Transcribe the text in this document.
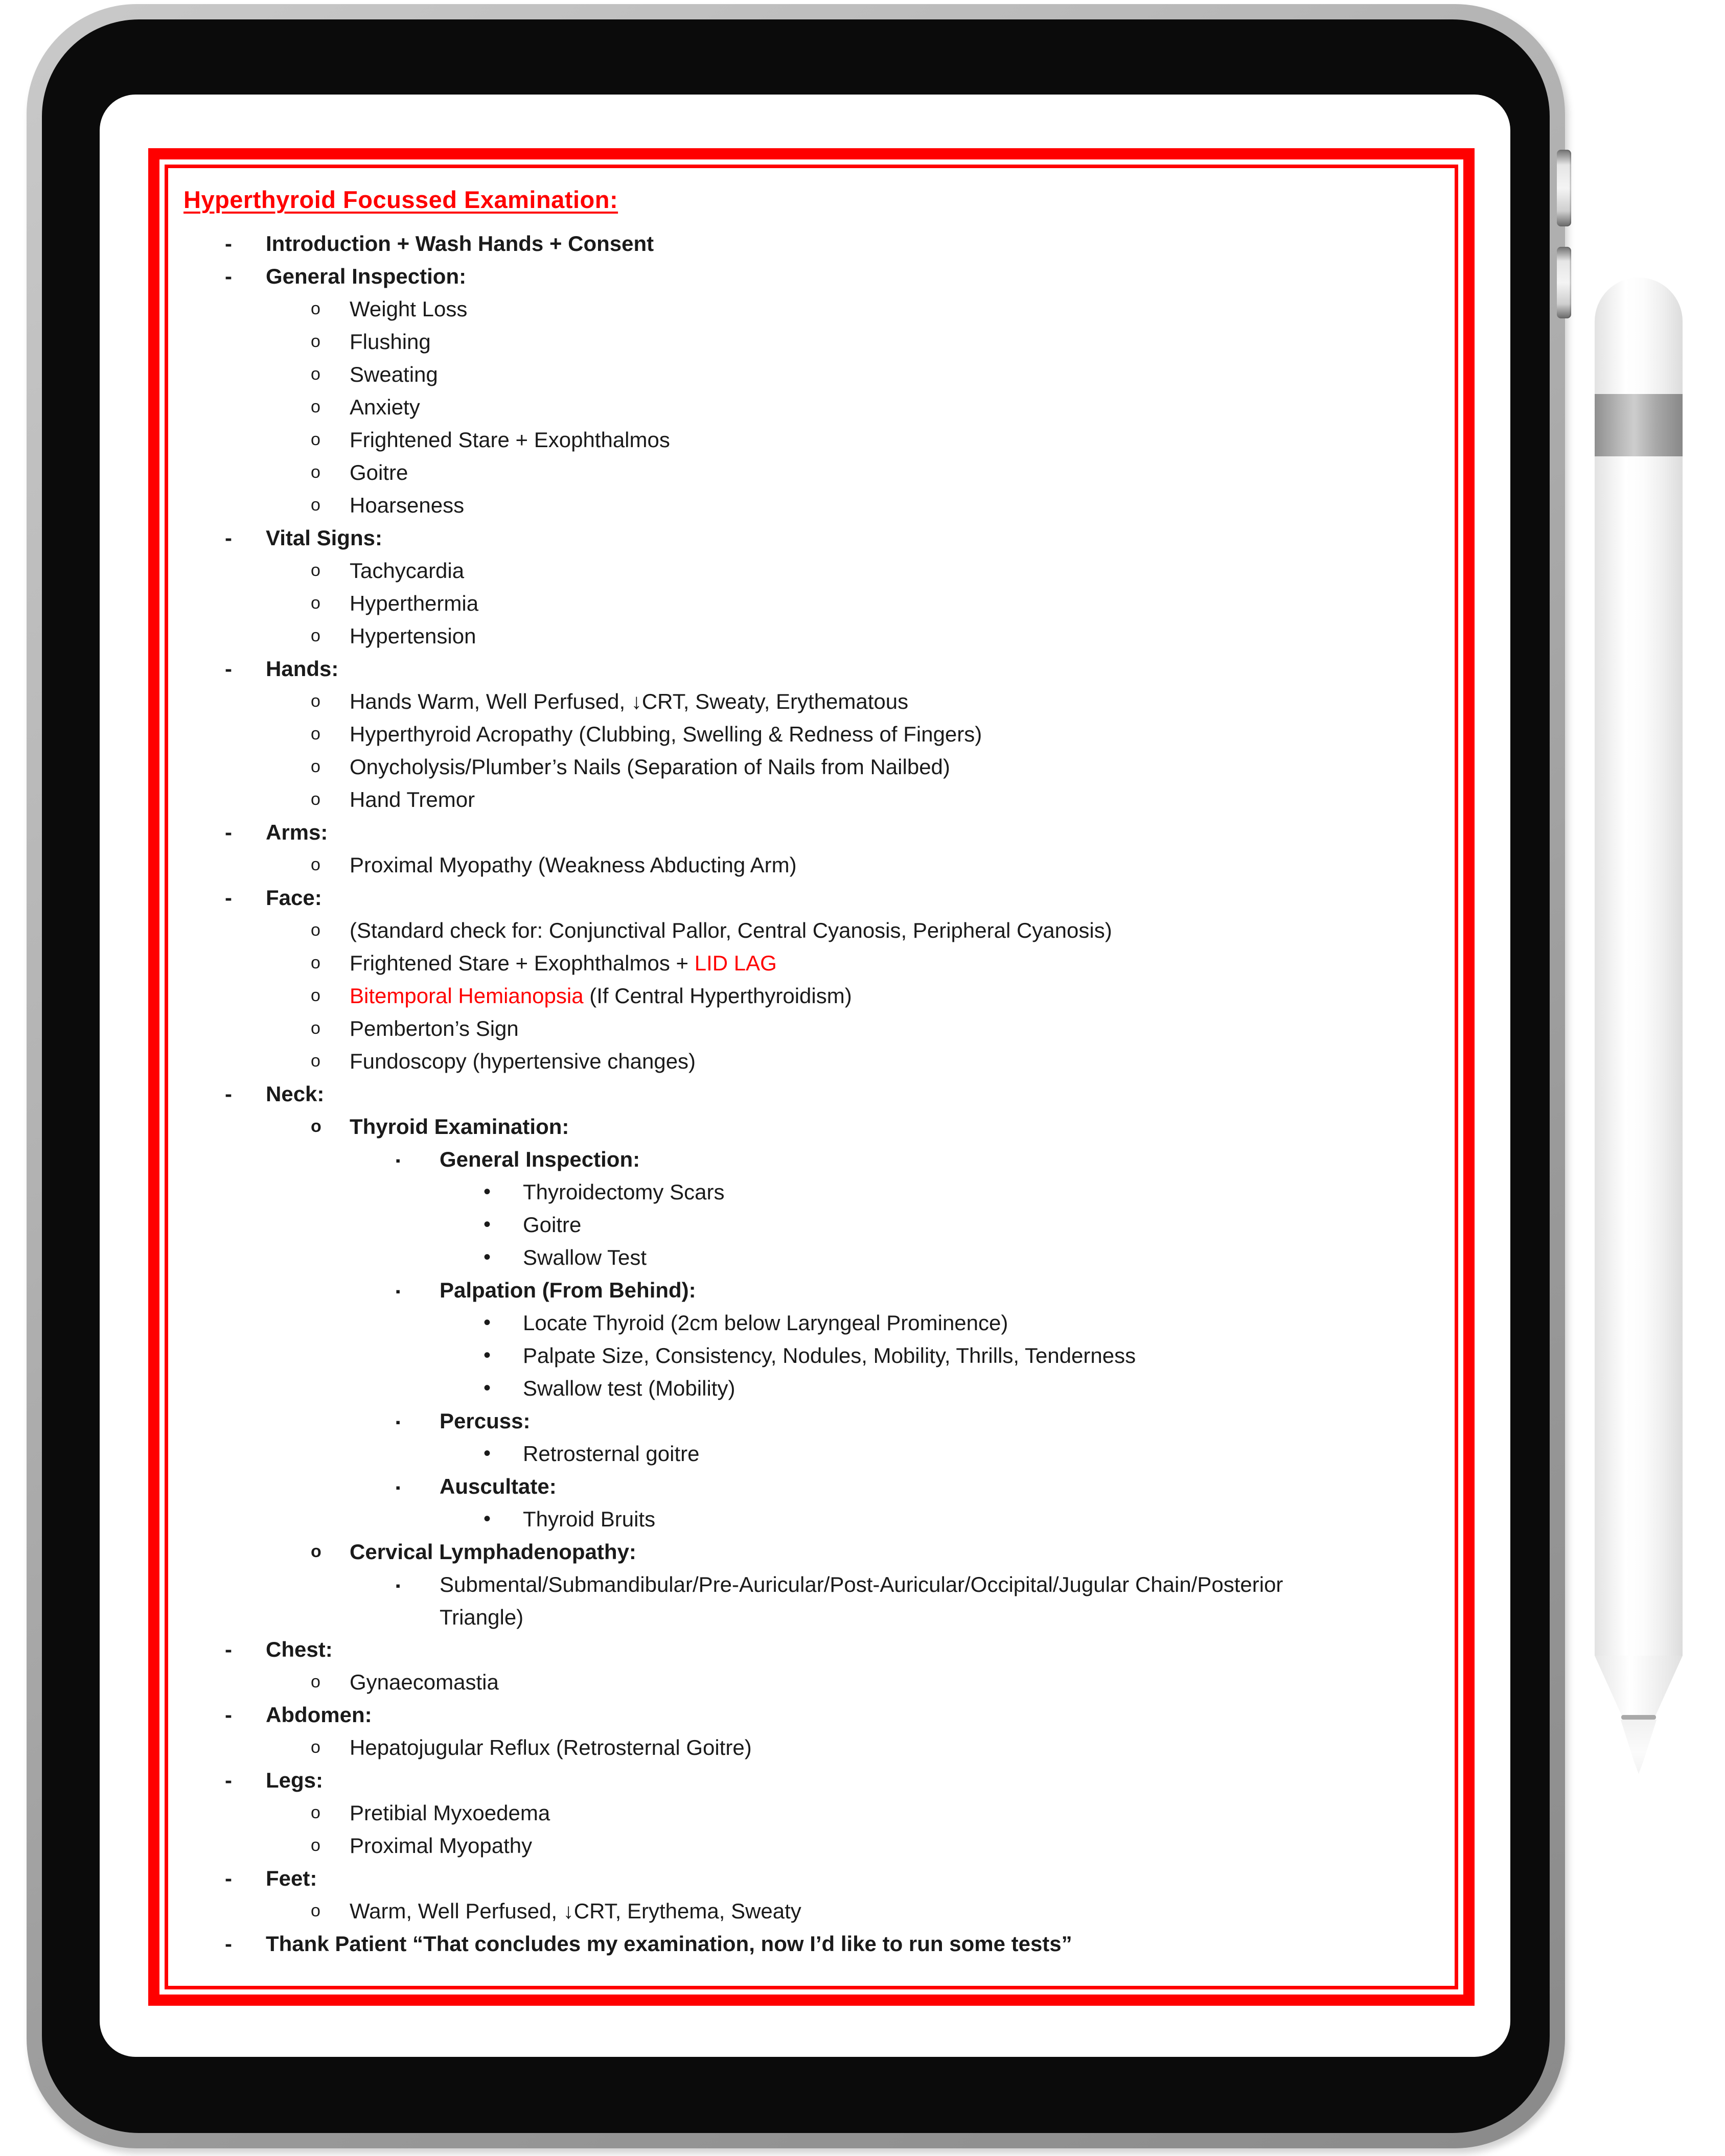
Hyperthyroid Focussed Examination:
- Introduction + Wash Hands + Consent
- General Inspection:
o Weight Loss
o Flushing
o Sweating
o Anxiety
o Frightened Stare + Exophthalmos
o Goitre
o Hoarseness
- Vital Signs:
o Tachycardia
o Hyperthermia
o Hypertension
- Hands:
o Hands Warm, Well Perfused, ↓CRT, Sweaty, Erythematous
o Hyperthyroid Acropathy (Clubbing, Swelling & Redness of Fingers)
o Onycholysis/Plumber’s Nails (Separation of Nails from Nailbed)
o Hand Tremor
- Arms:
o Proximal Myopathy (Weakness Abducting Arm)
- Face:
o (Standard check for: Conjunctival Pallor, Central Cyanosis, Peripheral Cyanosis)
o Frightened Stare + Exophthalmos + LID LAG
o Bitemporal Hemianopsia (If Central Hyperthyroidism)
o Pemberton’s Sign
o Fundoscopy (hypertensive changes)
- Neck:
o Thyroid Examination:
▪ General Inspection:
• Thyroidectomy Scars
• Goitre
• Swallow Test
▪ Palpation (From Behind):
• Locate Thyroid (2cm below Laryngeal Prominence)
• Palpate Size, Consistency, Nodules, Mobility, Thrills, Tenderness
• Swallow test (Mobility)
▪ Percuss:
• Retrosternal goitre
▪ Auscultate:
• Thyroid Bruits
o Cervical Lymphadenopathy:
▪ Submental/Submandibular/Pre-Auricular/Post-Auricular/Occipital/Jugular Chain/Posterior
Triangle)
- Chest:
o Gynaecomastia
- Abdomen:
o Hepatojugular Reflux (Retrosternal Goitre)
- Legs:
o Pretibial Myxoedema
o Proximal Myopathy
- Feet:
o Warm, Well Perfused, ↓CRT, Erythema, Sweaty
- Thank Patient “That concludes my examination, now I’d like to run some tests”
